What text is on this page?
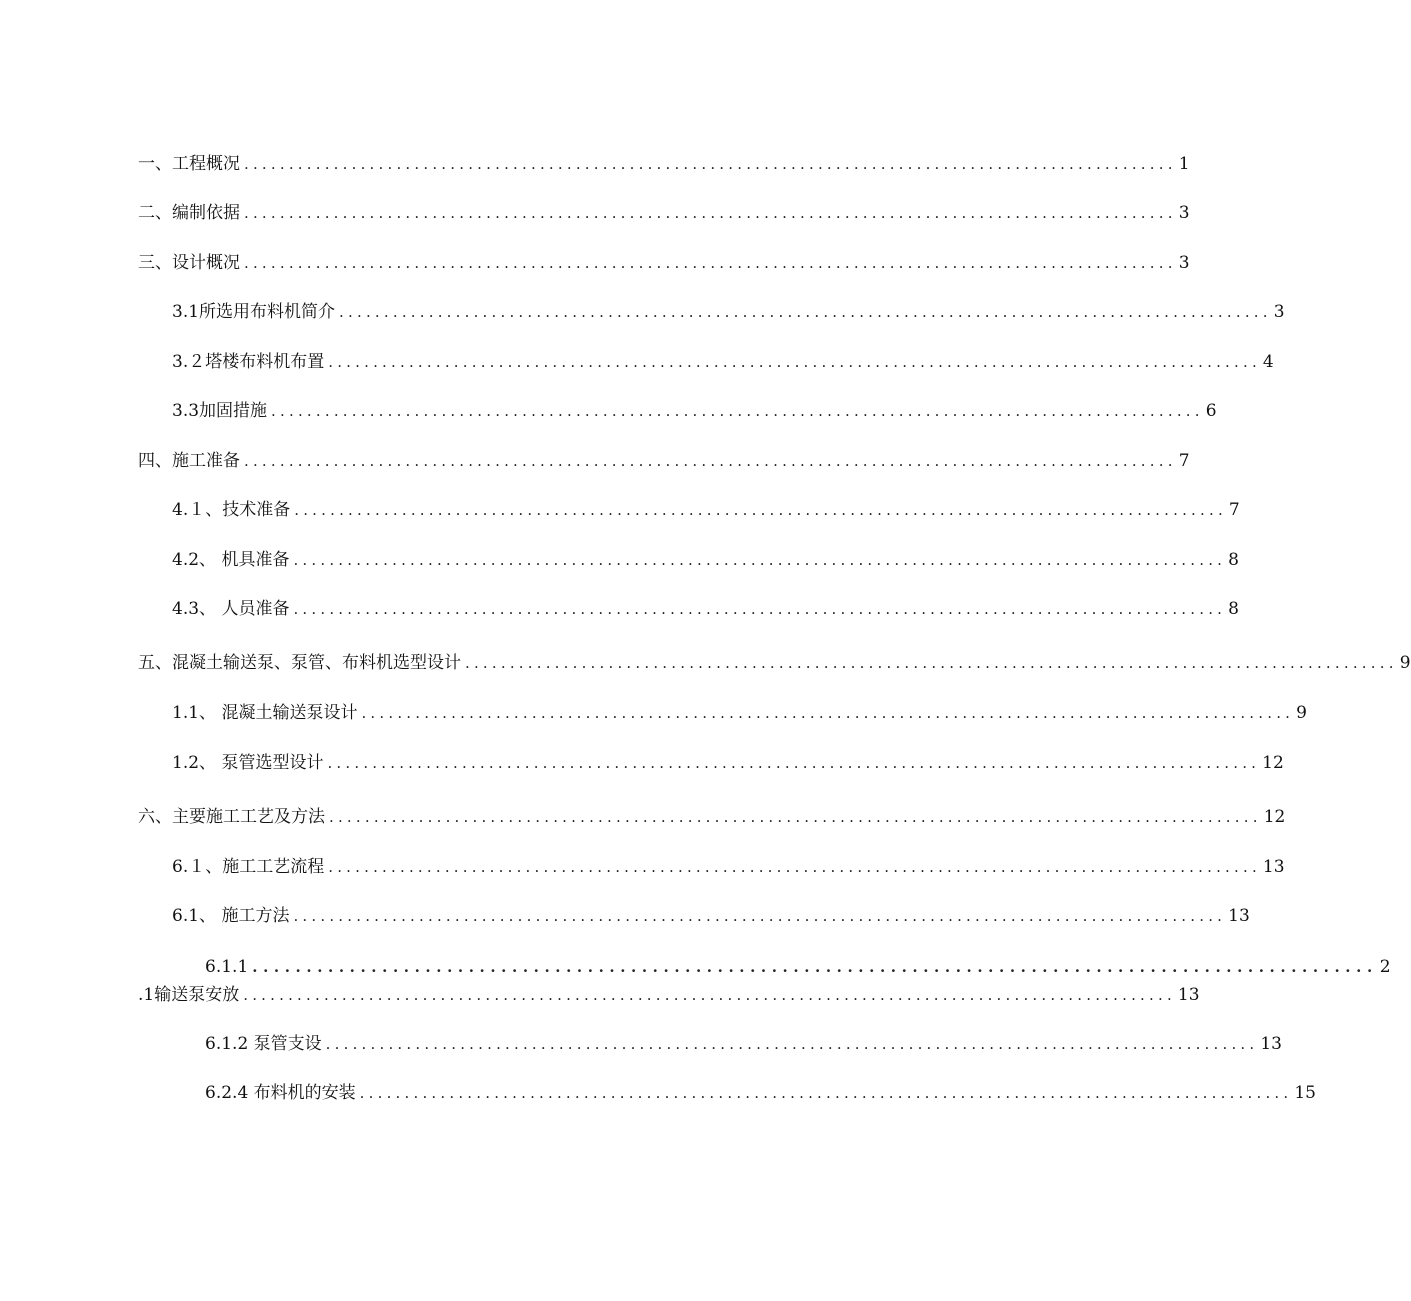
一、工程概况 ........................................................................................................ 1
二、编制依据 ........................................................................................................ 3
三、设计概况 ........................................................................................................ 3
3.1所选用布料机简介 ........................................................................................................ 3
3.２塔楼布料机布置 ........................................................................................................ 4
3.3加固措施 ........................................................................................................ 6
四、施工准备 ........................................................................................................ 7
4.１、技术准备 ........................................................................................................ 7
4.2、 机具准备 ........................................................................................................ 8
4.3、 人员准备 ........................................................................................................ 8
五、混凝土输送泵、泵管、布料机选型设计 ........................................................................................................ 9
1.1、 混凝土输送泵设计 ........................................................................................................ 9
1.2、 泵管选型设计 ........................................................................................................ 12
六、主要施工工艺及方法 ........................................................................................................ 12
6.１、施工工艺流程 ........................................................................................................ 13
6.1、 施工方法 ........................................................................................................ 13
6.1.1 ........................................................................................................ 2
.1输送泵安放 ........................................................................................................ 13
6.1.2 泵管支设 ........................................................................................................ 13
6.2.4 布料机的安装 ........................................................................................................ 15
